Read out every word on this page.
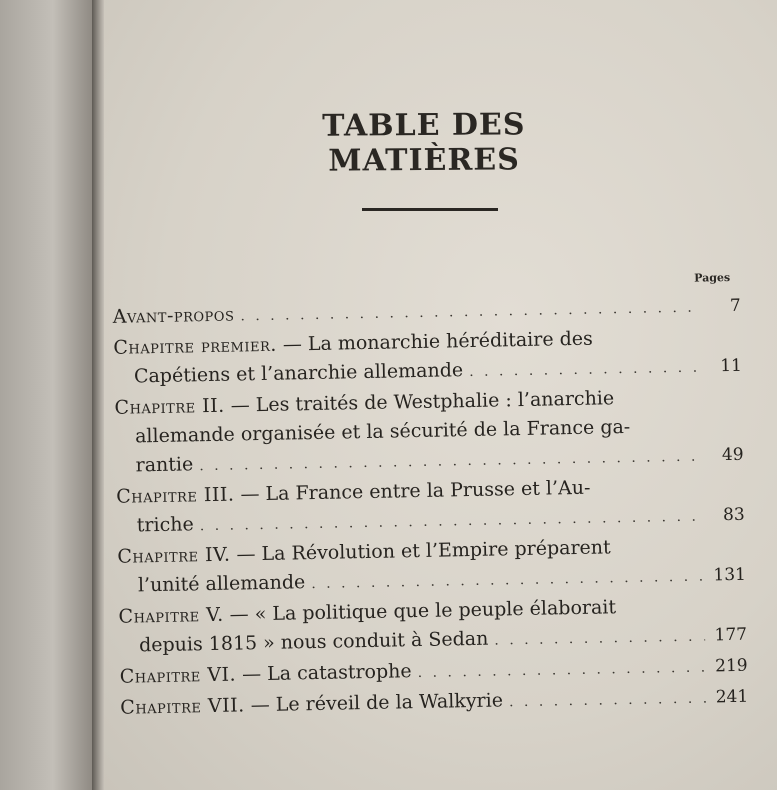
TABLE DES MATIÈRES
Pages
Avant-propos . . .	7
Chapitre premier.
— La monarchie héréditaire des
Capétiens et l’anarchie allemande . . .	11
Chapitre II.
— Les traités de Westphalie : l’anarchie
allemande organisée et la sécurité de la France ga-
rantie . . .	49
Chapitre III.
— La France entre la Prusse et l’Au-
triche . . .	83
Chapitre IV.
— La Révolution et l’Empire préparent
l’unité allemande . . .	131
Chapitre V.
— « La politique que le peuple élaborait
depuis 1815 » nous conduit à Sedan . . .	177
Chapitre VI.
— La catastrophe . . .	219
Chapitre VII.
— Le réveil de la Walkyrie . . .	241
